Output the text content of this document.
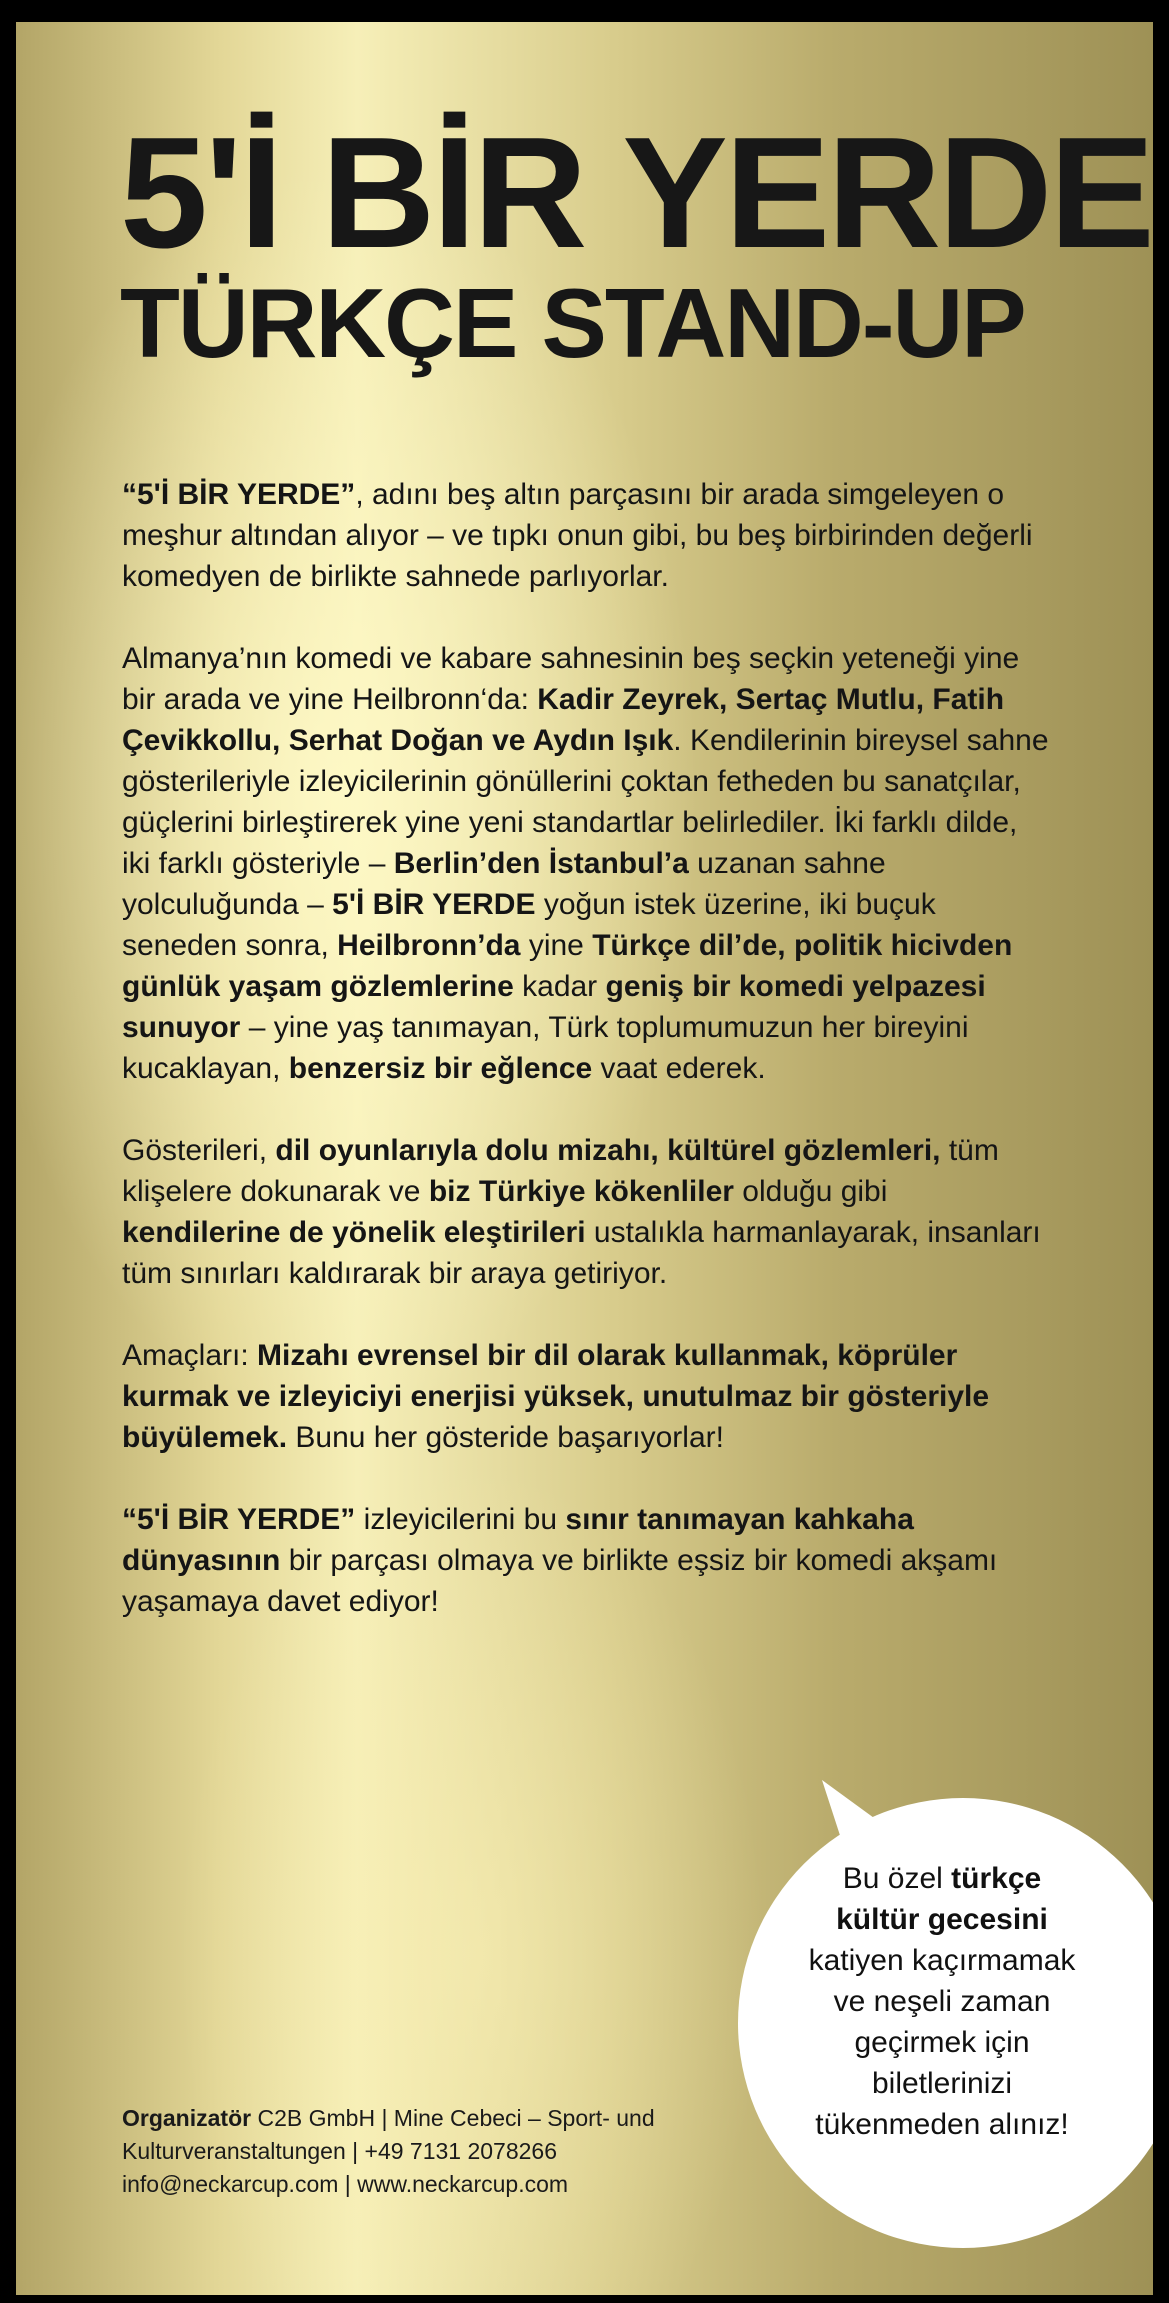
5'İ BİR YERDE
TÜRKÇE STAND-UP

“5'İ BİR YERDE”, adını beş altın parçasını bir arada simgeleyen o meşhur altından alıyor – ve tıpkı onun gibi, bu beş birbirinden değerli komedyen de birlikte sahnede parlıyorlar.

Almanya’nın komedi ve kabare sahnesinin beş seçkin yeteneği yine bir arada ve yine Heilbronn‘da: Kadir Zeyrek, Sertaç Mutlu, Fatih Çevikkollu, Serhat Doğan ve Aydın Işık. Kendilerinin bireysel sahne gösterileriyle izleyicilerinin gönüllerini çoktan fetheden bu sanatçılar, güçlerini birleştirerek yine yeni standartlar belirlediler. İki farklı dilde, iki farklı gösteriyle – Berlin’den İstanbul’a uzanan sahne yolculuğunda – 5'İ BİR YERDE yoğun istek üzerine, iki buçuk seneden sonra, Heilbronn’da yine Türkçe dil’de, politik hicivden günlük yaşam gözlemlerine kadar geniş bir komedi yelpazesi sunuyor – yine yaş tanımayan, Türk toplumumuzun her bireyini kucaklayan, benzersiz bir eğlence vaat ederek.

Gösterileri, dil oyunlarıyla dolu mizahı, kültürel gözlemleri, tüm klişelere dokunarak ve biz Türkiye kökenliler olduğu gibi kendilerine de yönelik eleştirileri ustalıkla harmanlayarak, insanları tüm sınırları kaldırarak bir araya getiriyor.

Amaçları: Mizahı evrensel bir dil olarak kullanmak, köprüler kurmak ve izleyiciyi enerjisi yüksek, unutulmaz bir gösteriyle büyülemek. Bunu her gösteride başarıyorlar!

“5'İ BİR YERDE” izleyicilerini bu sınır tanımayan kahkaha dünyasının bir parçası olmaya ve birlikte eşsiz bir komedi akşamı yaşamaya davet ediyor!

Bu özel türkçe
kültür gecesini
katiyen kaçırmamak ve neşeli zaman geçirmek için biletlerinizi tükenmeden alınız!
Organizatör C2B GmbH | Mine Cebeci – Sport- und Kulturveranstaltungen | +49 7131 2078266
info@neckarcup.com | www.neckarcup.com
